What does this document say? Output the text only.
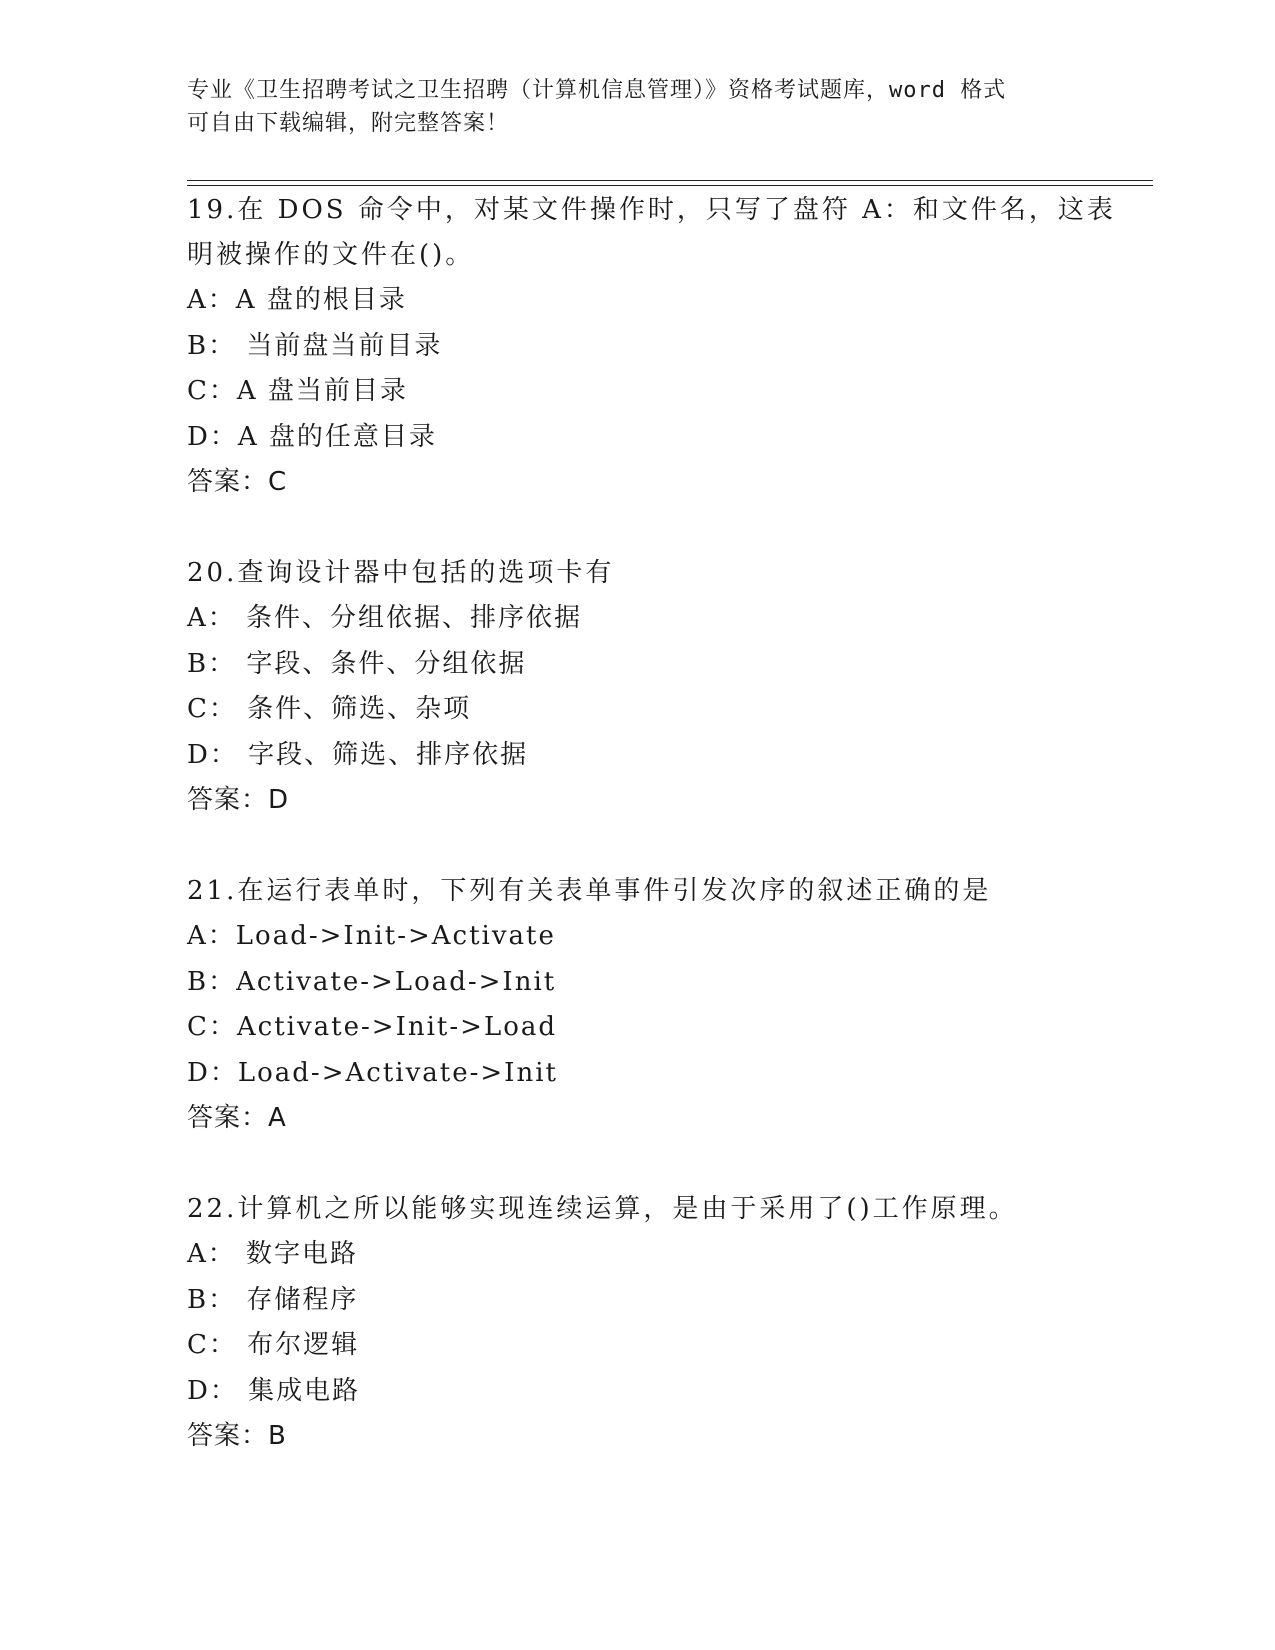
专业《卫生招聘考试之卫生招聘（计算机信息管理）》资格考试题库，word 格式
可自由下载编辑，附完整答案！
19.在 DOS 命令中，对某文件操作时，只写了盘符 A：和文件名，这表
明被操作的文件在()。
A：A 盘的根目录
B： 当前盘当前目录
C：A 盘当前目录
D：A 盘的任意目录
答案：C
20.查询设计器中包括的选项卡有
A： 条件、分组依据、排序依据
B： 字段、条件、分组依据
C： 条件、筛选、杂项
D： 字段、筛选、排序依据
答案：D
21.在运行表单时，下列有关表单事件引发次序的叙述正确的是
A：Load->Init->Activate
B：Activate->Load->Init
C：Activate->Init->Load
D：Load->Activate->Init
答案：A
22.计算机之所以能够实现连续运算，是由于采用了()工作原理。
A： 数字电路
B： 存储程序
C： 布尔逻辑
D： 集成电路
答案：B
